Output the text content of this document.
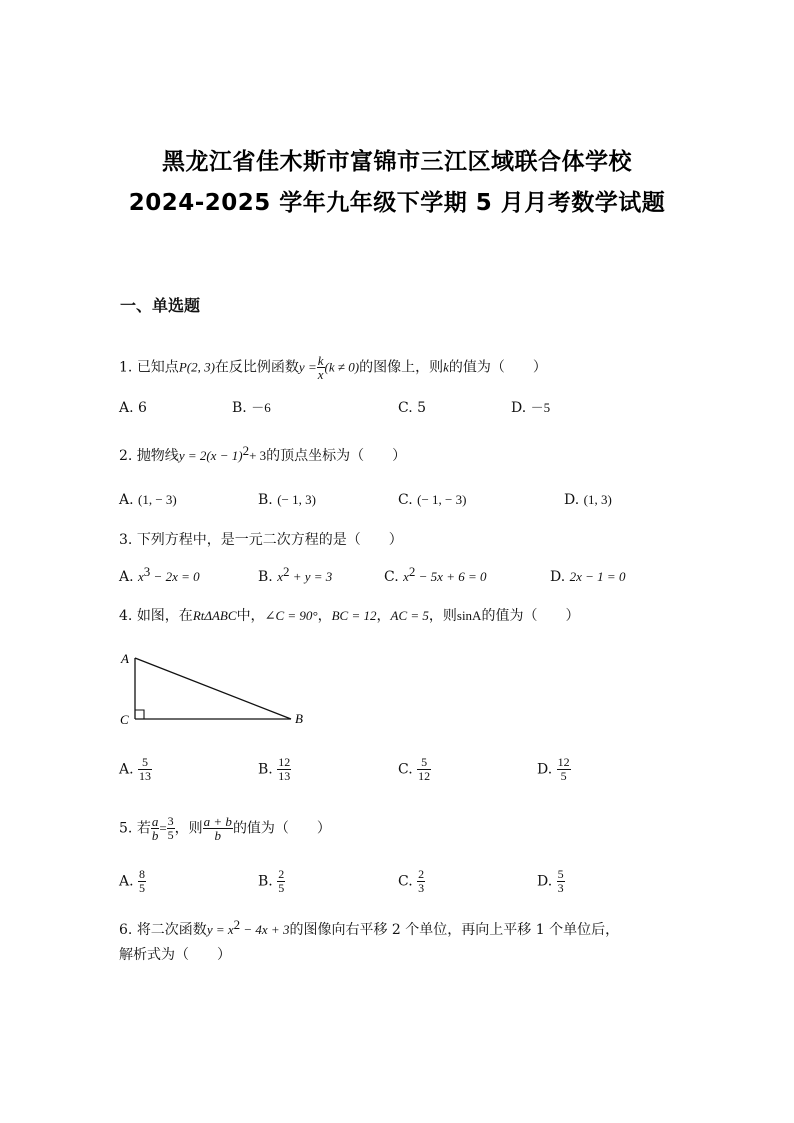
黑龙江省佳木斯市富锦市三江区域联合体学校
2024-2025 学年九年级下学期 5 月月考数学试题
一、单选题
1. 已知点P(2, 3)在反比例函数$y = \frac{k}{x} (k \ne 0)$的图像上，则k的值为（　　）
A. 6	B. －6	C. 5	D. －5
2. 抛物线$y = 2(x - 1)^2+ 3$的顶点坐标为（　　）
A. (1, − 3)	B. (− 1, 3)	C. (− 1, − 3)	D. (1, 3)
3. 下列方程中，是一元二次方程的是（　　）
A. $x^3 - 2x = 0$	B. $x^2 + y = 3$	C. $x^2 - 5x + 6 = 0$	D. 2x − 1 = 0
4. 如图，在RtΔABC中，∠C = 90°，BC = 12，AC = 5，则sinA的值为（　　）
A
C	B
A. $\frac{5}{13}$	B. $\frac{12}{13}$	C. $\frac{5}{12}$	D. $\frac{12}{5}$
5. 若 $\frac{a}{b} = \frac{3}{5}$ ，则 $\frac{a + b}{b}$ 的值为（　　）
A. $\frac{8}{5}$	B. $\frac{2}{5}$	C. $\frac{2}{3}$	D. $\frac{5}{3}$
6. 将二次函数$y = x^2 - 4x + 3$的图像向右平移 2 个单位，再向上平移 1 个单位后，
解析式为（　　）
